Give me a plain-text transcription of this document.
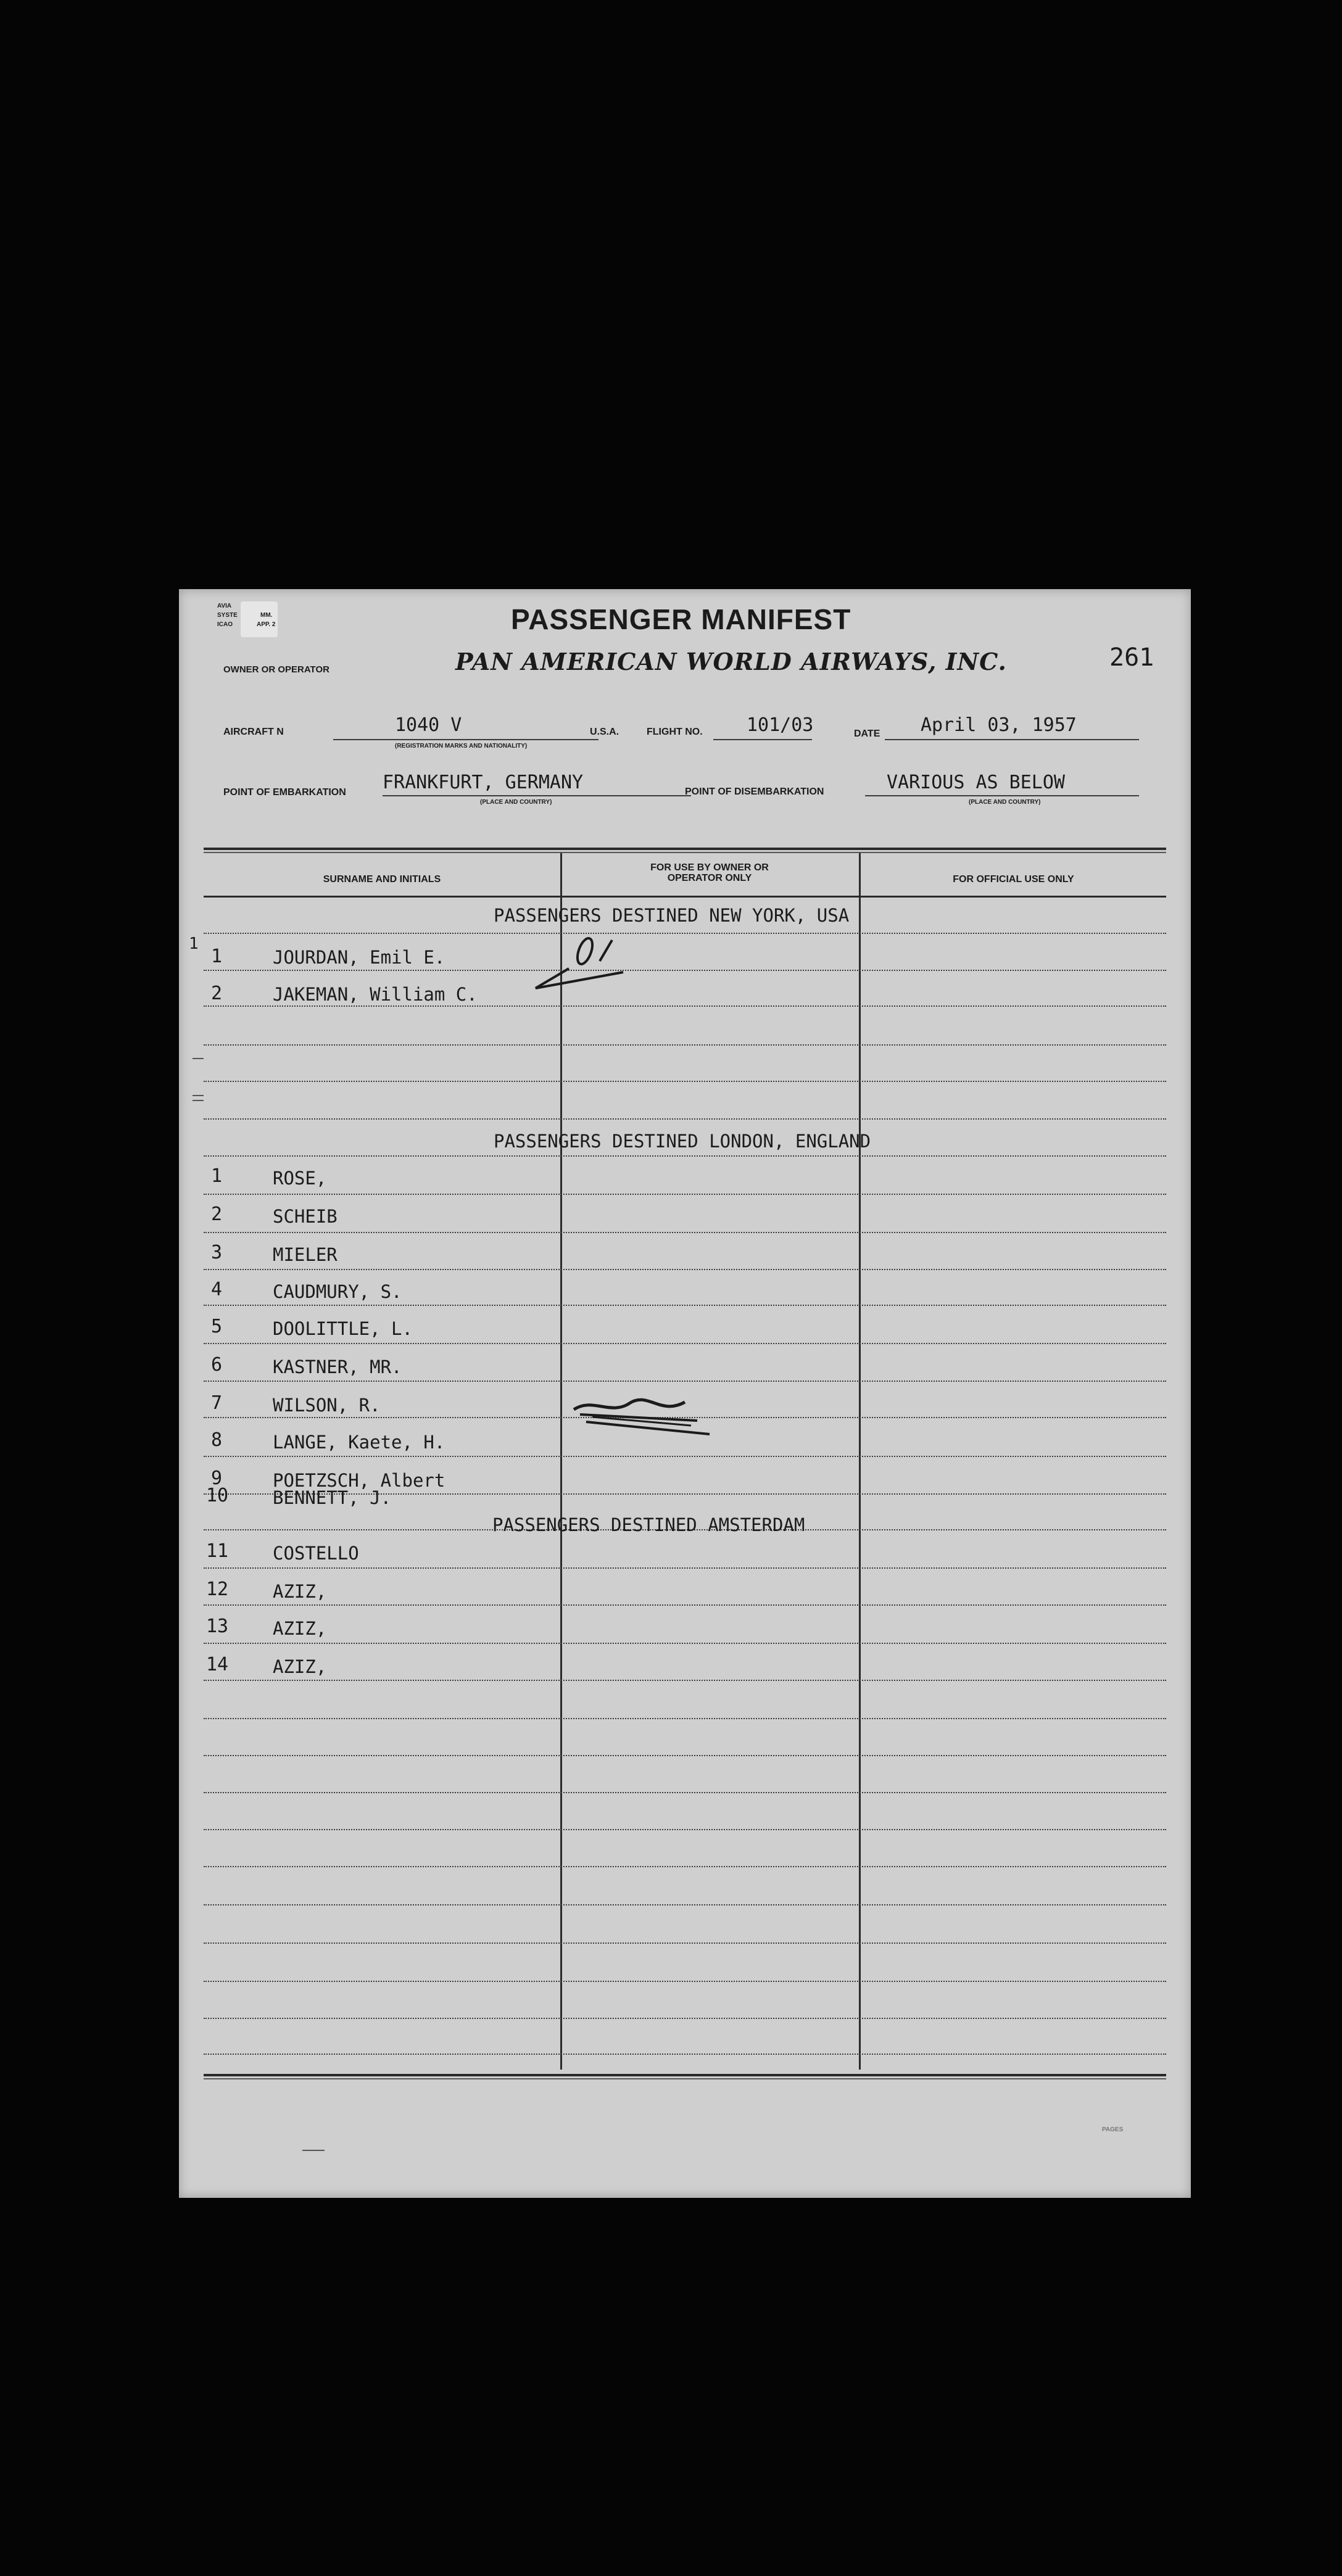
AVIA
SYSTE
ICAO
MM.
APP. 2
OWNER OR OPERATOR
PASSENGER MANIFEST
PAN AMERICAN WORLD AIRWAYS, INC.	261
AIRCRAFT N	1040 V
(REGISTRATION MARKS AND NATIONALITY)
U.S.A.	FLIGHT NO. 101/03	DATE April 03, 1957
POINT OF EMBARKATION FRANKFURT, GERMANY
(PLACE AND COUNTRY)
POINT OF DISEMBARKATION	VARIOUS AS BELOW
(PLACE AND COUNTRY)
SURNAME AND INITIALS
FOR USE BY OWNER OR OPERATOR ONLY	FOR OFFICIAL USE ONLY
PASSENGERS DESTINED NEW YORK, USA
PASSENGERS DESTINED LONDON, ENGLAND
PASSENGERS DESTINED AMSTERDAM
1
1	JOURDAN, Emil E.
2	JAKEMAN, William C.
0/
1	ROSE,
2	SCHEIB
3	MIELER
4	CAUDMURY, S.
5	DOOLITTLE, L.
6	KASTNER, MR.
7	WILSON, R.
8	LANGE, Kaete, H.
9	POETZSCH, Albert
10 BENNETT, J.
11 COSTELLO
12 AZIZ,
13 AZIZ,
14 AZIZ,
PAGES
